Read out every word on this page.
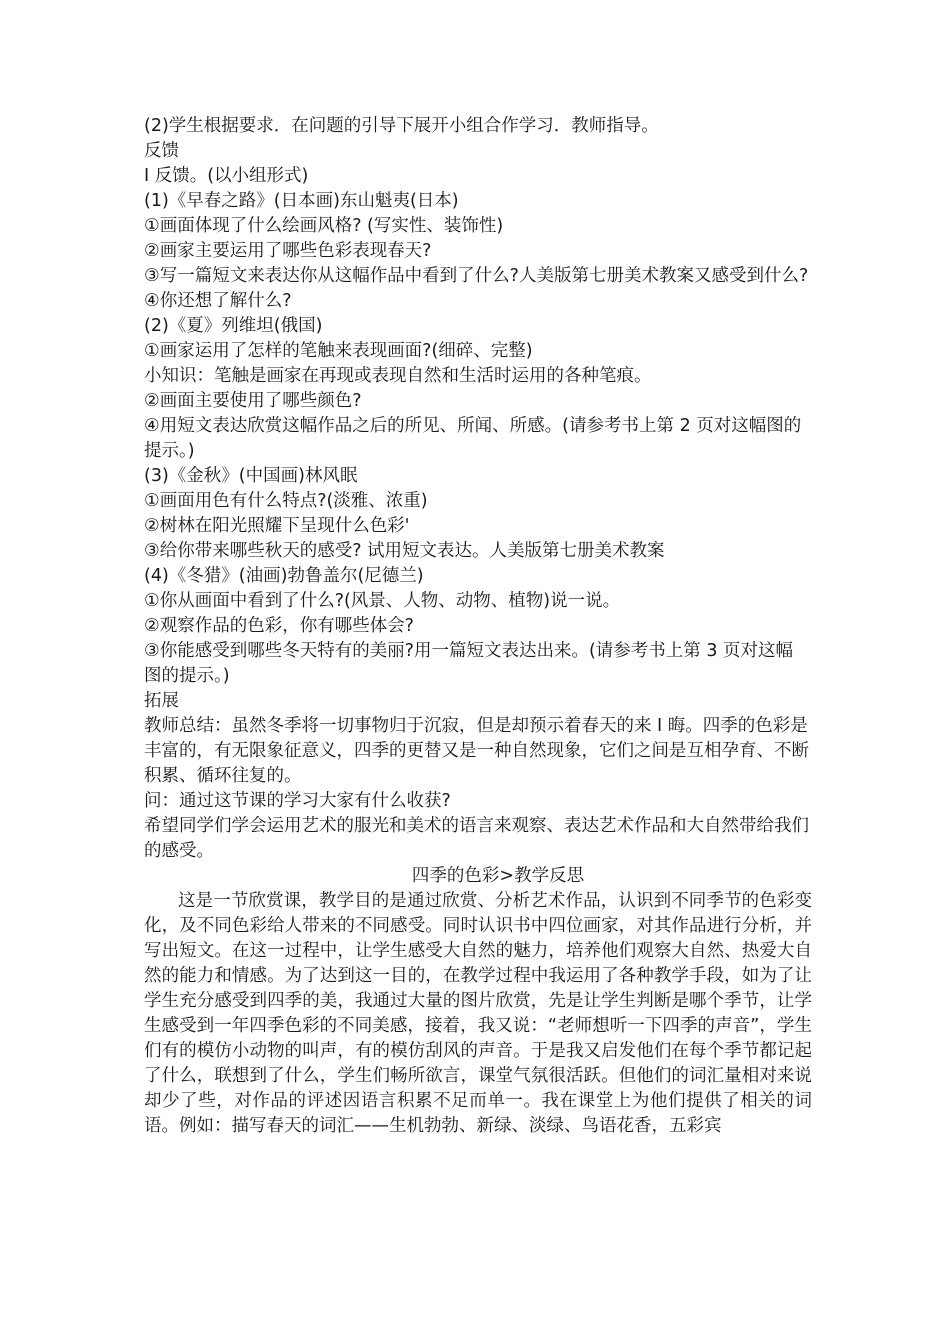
(2)学生根据要求．在问题的引导下展开小组合作学习．教师指导。

反馈

I 反馈。(以小组形式)

(1)《早春之路》(日本画)东山魁夷(日本)

①画面体现了什么绘画风格? (写实性、装饰性)

②画家主要运用了哪些色彩表现春天?

③写一篇短文来表达你从这幅作品中看到了什么?人美版第七册美术教案又感受到什么?④你还想了解什么?

(2)《夏》列维坦(俄国)

①画家运用了怎样的笔触来表现画面?(细碎、完整)

小知识：笔触是画家在再现或表现自然和生活时运用的各种笔痕。

②画面主要使用了哪些颜色?

④用短文表达欣赏这幅作品之后的所见、所闻、所感。(请参考书上第 2 页对这幅图的提示。)

(3)《金秋》(中国画)林风眠

①画面用色有什么特点?(淡雅、浓重)

②树林在阳光照耀下呈现什么色彩'

③给你带来哪些秋天的感受? 试用短文表达。人美版第七册美术教案

(4)《冬猎》(油画)勃鲁盖尔(尼德兰)

①你从画面中看到了什么?(风景、人物、动物、植物)说一说。

②观察作品的色彩，你有哪些体会?

③你能感受到哪些冬天特有的美丽?用一篇短文表达出来。(请参考书上第 3 页对这幅

图的提示。)

拓展

教师总结：虽然冬季将一切事物归于沉寂，但是却预示着春天的来 I 晦。四季的色彩是丰富的，有无限象征意义，四季的更替又是一种自然现象，它们之间是互相孕育、不断积累、循环往复的。

问：通过这节课的学习大家有什么收获?

希望同学们学会运用艺术的服光和美术的语言来观察、表达艺术作品和大自然带给我们

的感受。

四季的色彩>教学反思

这是一节欣赏课，教学目的是通过欣赏、分析艺术作品，认识到不同季节的色彩变化，及不同色彩给人带来的不同感受。同时认识书中四位画家，对其作品进行分析，并写出短文。在这一过程中，让学生感受大自然的魅力，培养他们观察大自然、热爱大自然的能力和情感。为了达到这一目的，在教学过程中我运用了各种教学手段，如为了让学生充分感受到四季的美，我通过大量的图片欣赏，先是让学生判断是哪个季节，让学生感受到一年四季色彩的不同美感，接着，我又说：“老师想听一下四季的声音”，学生们有的模仿小动物的叫声，有的模仿刮风的声音。于是我又启发他们在每个季节都记起了什么，联想到了什么，学生们畅所欲言，课堂气氛很活跃。但他们的词汇量相对来说却少了些，对作品的评述因语言积累不足而单一。我在课堂上为他们提供了相关的词语。例如：描写春天的词汇——生机勃勃、新绿、淡绿、鸟语花香，五彩宾
